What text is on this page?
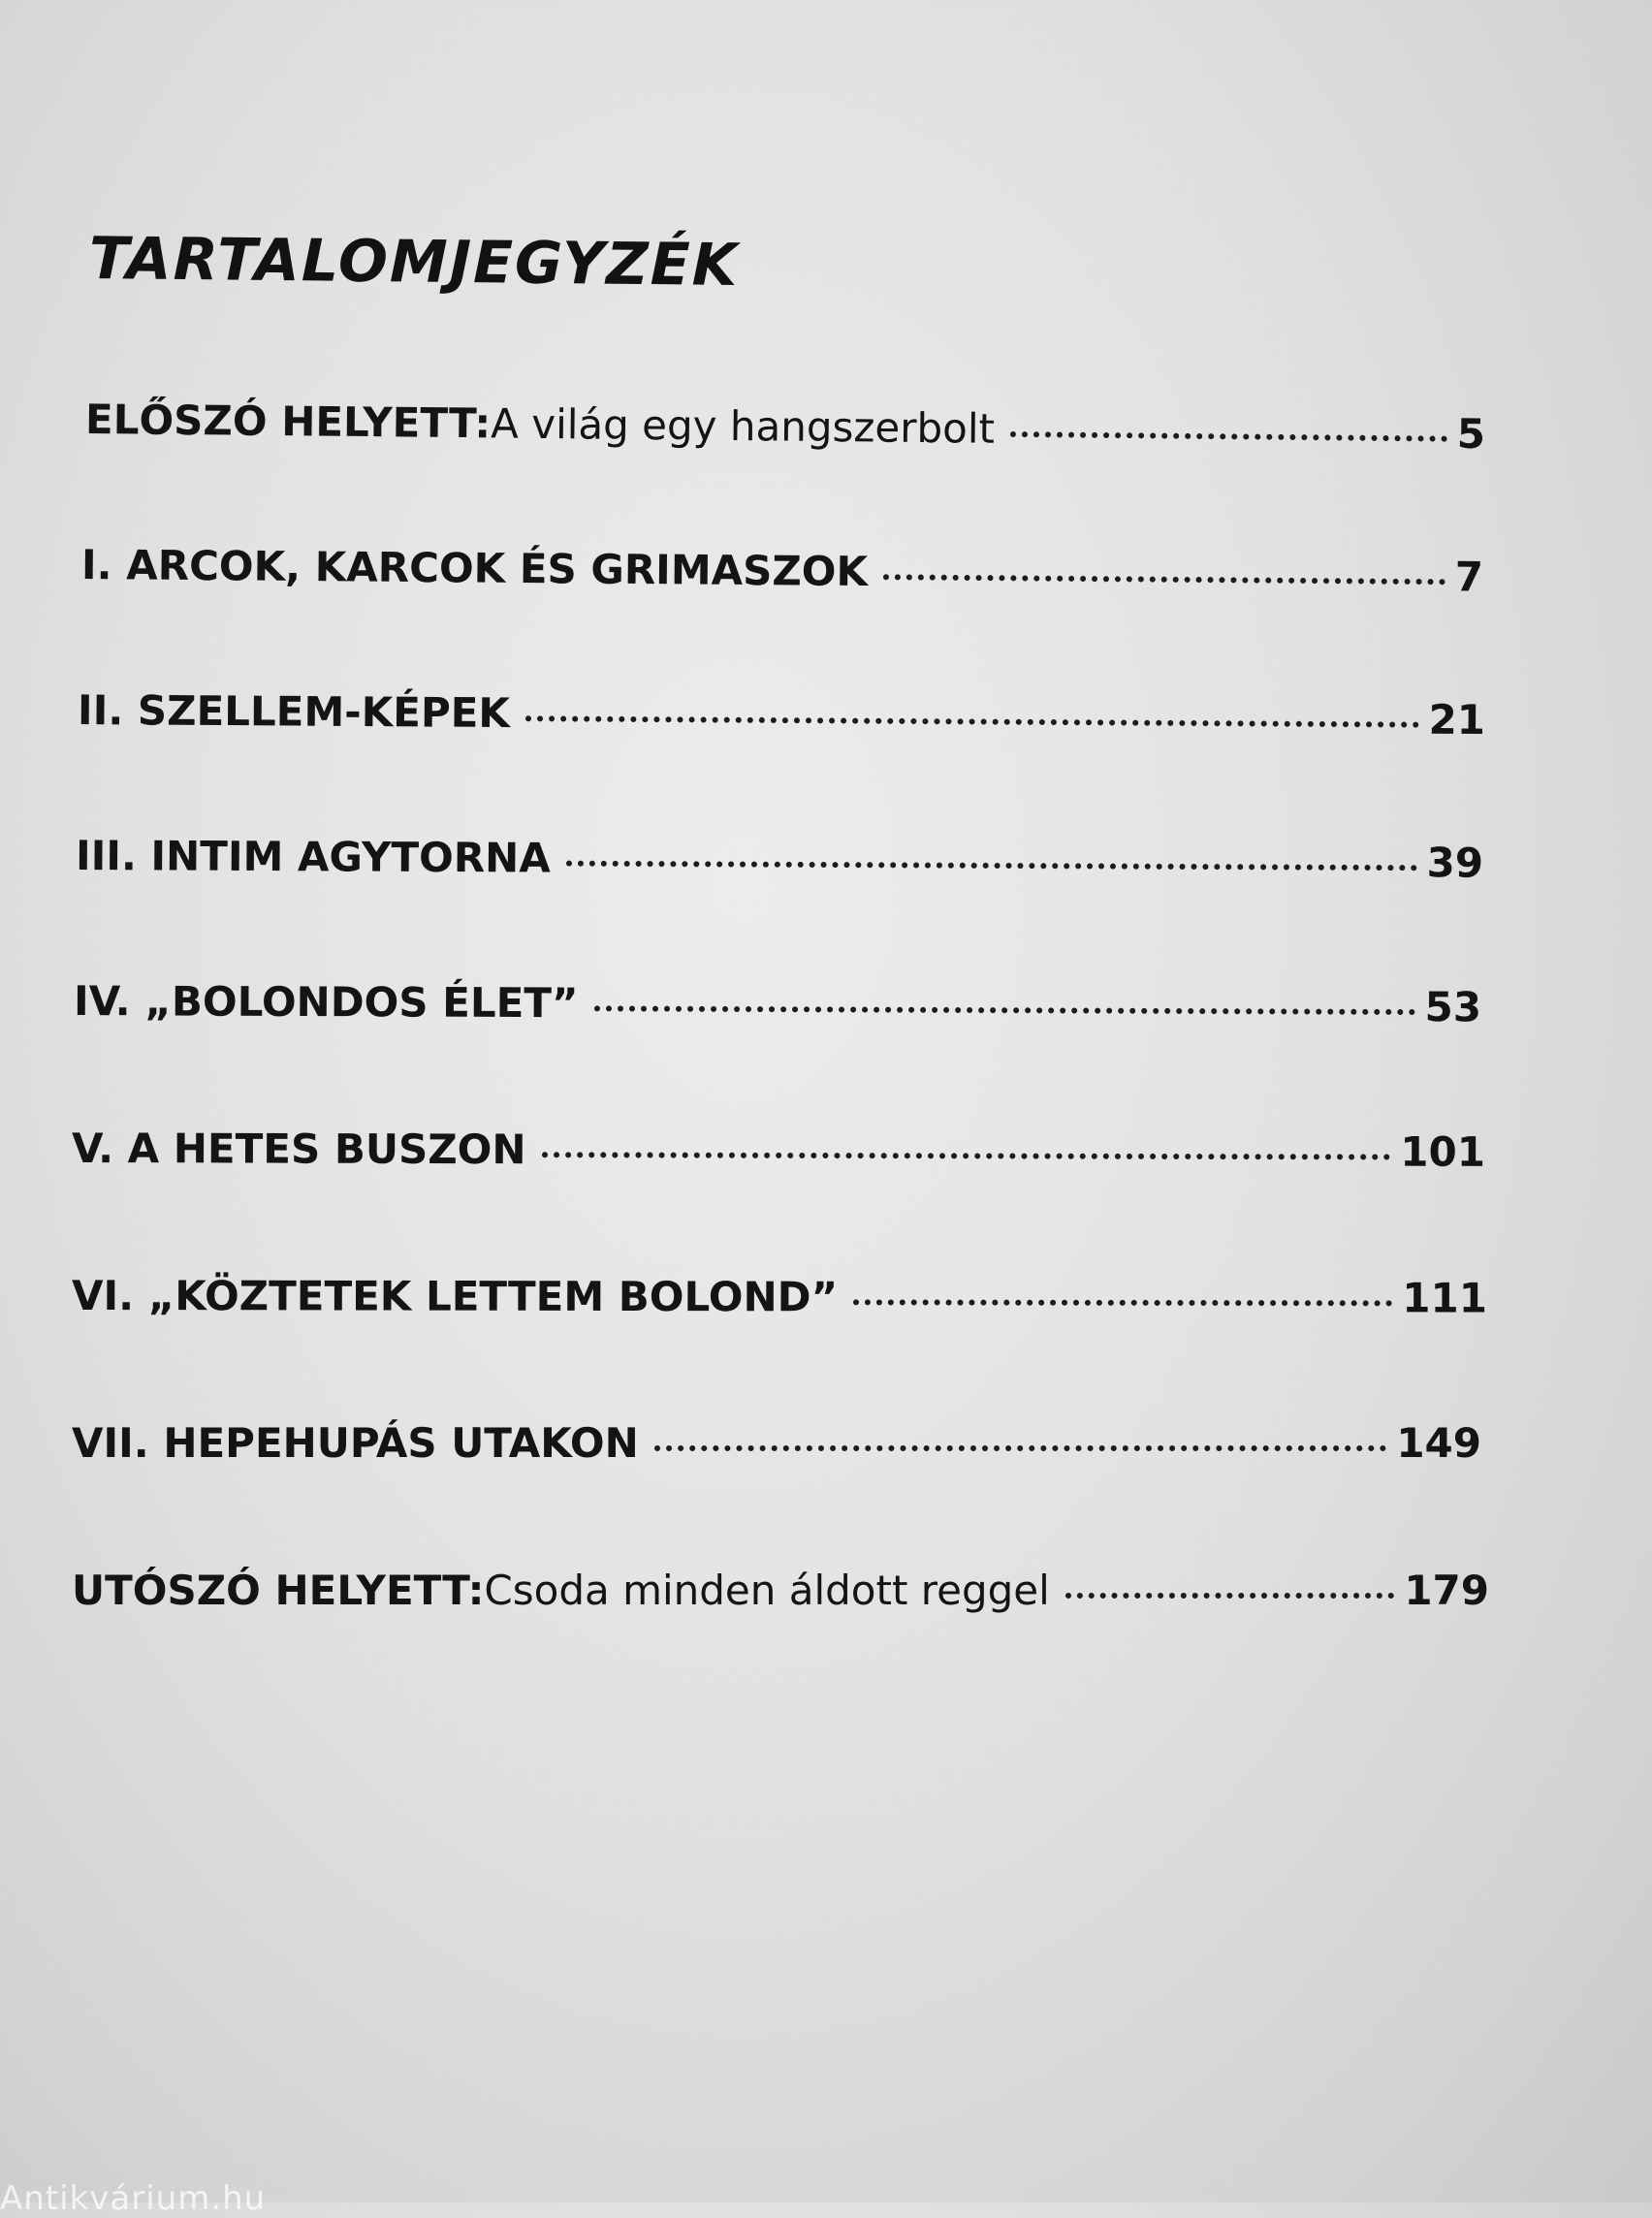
TARTALOMJEGYZÉK
ELŐSZÓ HELYETT: A világ egy hangszerbolt	5
I. ARCOK, KARCOK ÉS GRIMASZOK	7
II. SZELLEM-KÉPEK	21
III. INTIM AGYTORNA	39
IV. „BOLONDOS ÉLET”	53
V. A HETES BUSZON	101
VI. „KÖZTETEK LETTEM BOLOND”	111
VII. HEPEHUPÁS UTAKON	149
UTÓSZÓ HELYETT: Csoda minden áldott reggel	179
Antikvárium.hu
